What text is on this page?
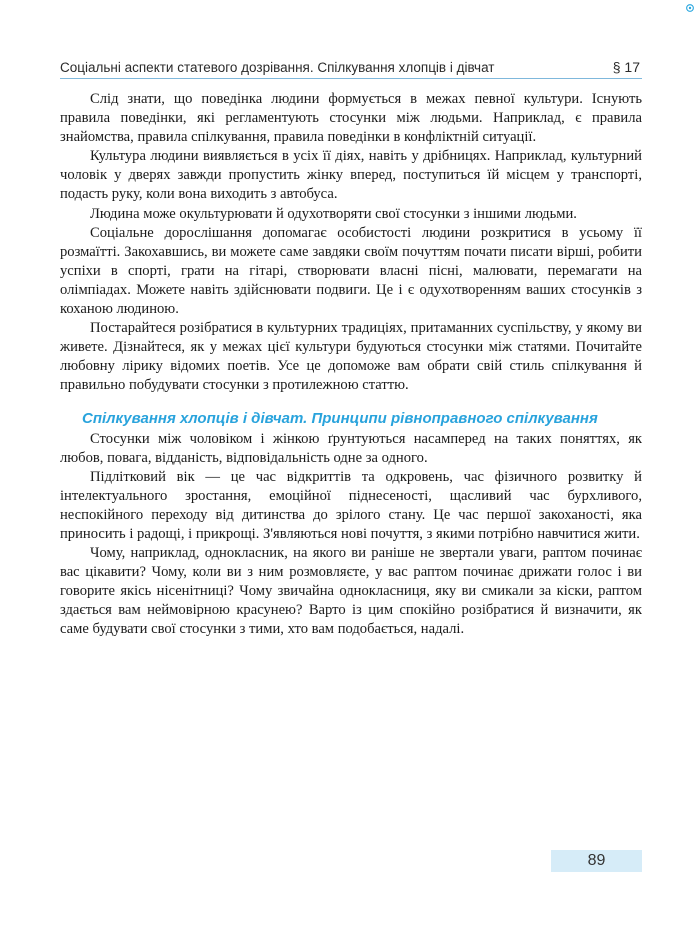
Соціальні аспекти статевого дозрівання. Спілкування хлопців і дівчат	§ 17

Слід знати, що поведінка людини формується в межах певної культури. Існують правила поведінки, які регламентують стосунки між людьми. Наприклад, є правила знайомства, правила спілкування, правила поведінки в конфліктній ситуації.

Культура людини виявляється в усіх її діях, навіть у дрібницях. Наприклад, культурний чоловік у дверях завжди пропустить жінку вперед, поступиться їй місцем у транспорті, подасть руку, коли вона виходить з автобуса.

Людина може окультурювати й одухотворяти свої стосунки з іншими людьми.

Соціальне дорослішання допомагає особистості людини розкритися в усьому її розмаїтті. Закохавшись, ви можете саме завдяки своїм почуттям почати писати вірші, робити успіхи в спорті, грати на гітарі, створювати власні пісні, малювати, перемагати на олімпіадах. Можете навіть здійснювати подвиги. Це і є одухотворенням ваших стосунків з коханою людиною.

Постарайтеся розібратися в культурних традиціях, притаманних суспільству, у якому ви живете. Дізнайтеся, як у межах цієї культури будуються стосунки між статями. Почитайте любовну лірику відомих поетів. Усе це допоможе вам обрати свій стиль спілкування й правильно побудувати стосунки з протилежною статтю.

Спілкування хлопців і дівчат. Принципи рівноправного спілкування

Стосунки між чоловіком і жінкою ґрунтуються насамперед на таких поняттях, як любов, повага, відданість, відповідальність одне за одного.

Підлітковий вік — це час відкриттів та одкровень, час фізичного розвитку й інтелектуального зростання, емоційної піднесеності, щасливий час бурхливого, неспокійного переходу від дитинства до зрілого стану. Це час першої закоханості, яка приносить і радощі, і прикрощі. З'являються нові почуття, з якими потрібно навчитися жити.

Чому, наприклад, однокласник, на якого ви раніше не звертали уваги, раптом починає вас цікавити? Чому, коли ви з ним розмовляєте, у вас раптом починає дрижати голос і ви говорите якісь нісенітниці? Чому звичайна однокласниця, яку ви смикали за кіски, раптом здається вам неймовірною красунею? Варто із цим спокійно розібратися й визначити, як саме будувати свої стосунки з тими, хто вам подобається, надалі.

89
